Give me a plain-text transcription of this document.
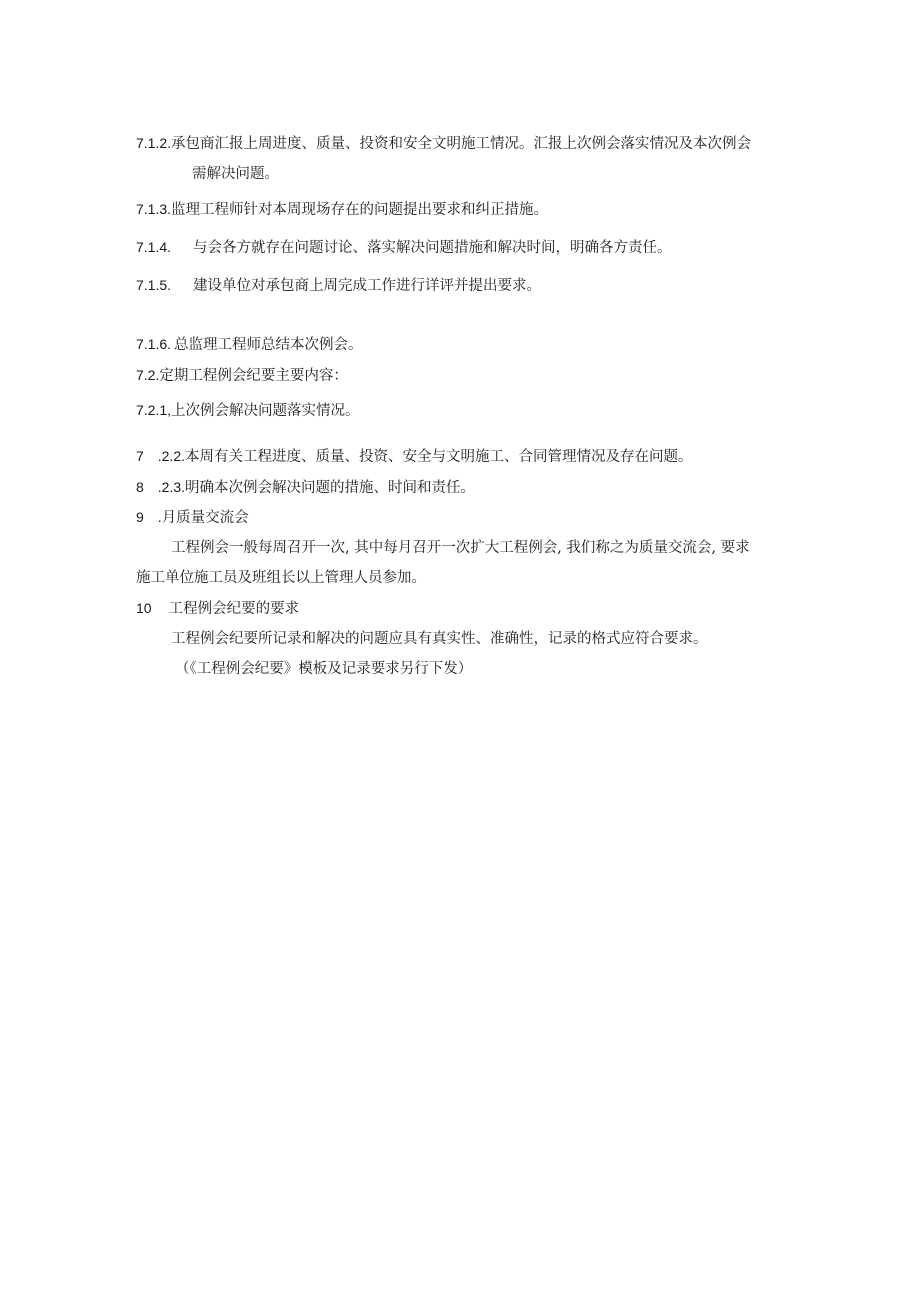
7.1.2.承包商汇报上周进度、质量、投资和安全文明施工情况。汇报上次例会落实情况及本次例会
需解决问题。
7.1.3.监理工程师针对本周现场存在的问题提出要求和纠正措施。
7.1.4. 与会各方就存在问题讨论、落实解决问题措施和解决时间，明确各方责任。
7.1.5. 建设单位对承包商上周完成工作进行详评并提出要求。
7.1.6. 总监理工程师总结本次例会。
7.2.定期工程例会纪要主要内容：
7.2.1,上次例会解决问题落实情况。
7 .2.2.本周有关工程进度、质量、投资、安全与文明施工、合同管理情况及存在问题。
8 .2.3.明确本次例会解决问题的措施、时间和责任。
9 .月质量交流会
工程例会一般每周召开一次, 其中每月召开一次扩大工程例会, 我们称之为质量交流会, 要求
施工单位施工员及班组长以上管理人员参加。
10 工程例会纪要的要求
工程例会纪要所记录和解决的问题应具有真实性、准确性，记录的格式应符合要求。
（《工程例会纪要》模板及记录要求另行下发）
